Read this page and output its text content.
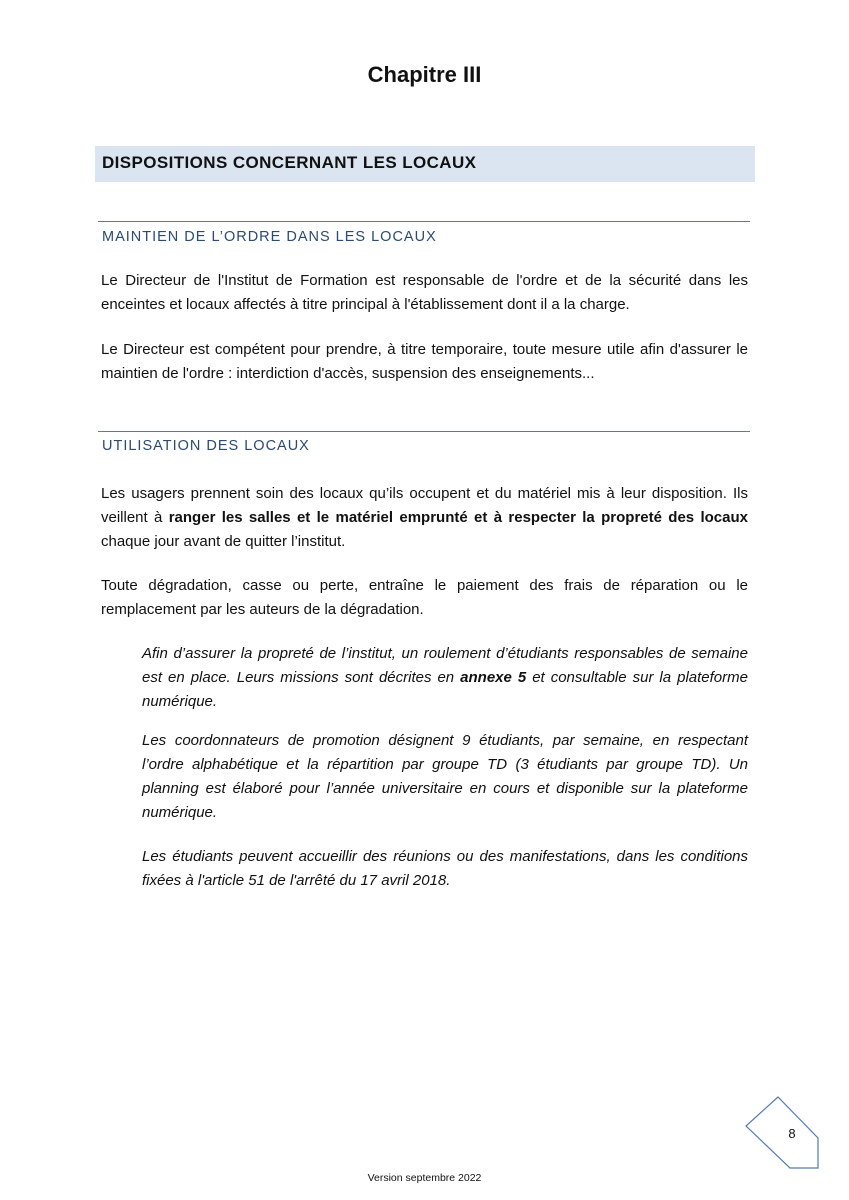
Chapitre III
DISPOSITIONS CONCERNANT LES LOCAUX
MAINTIEN DE L’ORDRE DANS LES LOCAUX
Le Directeur de l'Institut de Formation est responsable de l'ordre et de la sécurité dans les enceintes et locaux affectés à titre principal à l'établissement dont il a la charge.
Le Directeur est compétent pour prendre, à titre temporaire, toute mesure utile afin d'assurer le maintien de l'ordre : interdiction d'accès, suspension des enseignements...
UTILISATION DES LOCAUX
Les usagers prennent soin des locaux qu’ils occupent et du matériel mis à leur disposition. Ils veillent à ranger les salles et le matériel emprunté et à respecter la propreté des locaux chaque jour avant de quitter l’institut.
Toute dégradation, casse ou perte, entraîne le paiement des frais de réparation ou le remplacement par les auteurs de la dégradation.
Afin d’assurer la propreté de l’institut, un roulement d’étudiants responsables de semaine est en place. Leurs missions sont décrites en annexe 5 et consultable sur la plateforme numérique.
Les coordonnateurs de promotion désignent 9 étudiants, par semaine, en respectant l’ordre alphabétique et la répartition par groupe TD (3 étudiants par groupe TD). Un planning est élaboré pour l’année universitaire en cours et disponible sur la plateforme numérique.
Les étudiants peuvent accueillir des réunions ou des manifestations, dans les conditions fixées à l'article 51 de l'arrêté du 17 avril 2018.
8
Version septembre 2022
